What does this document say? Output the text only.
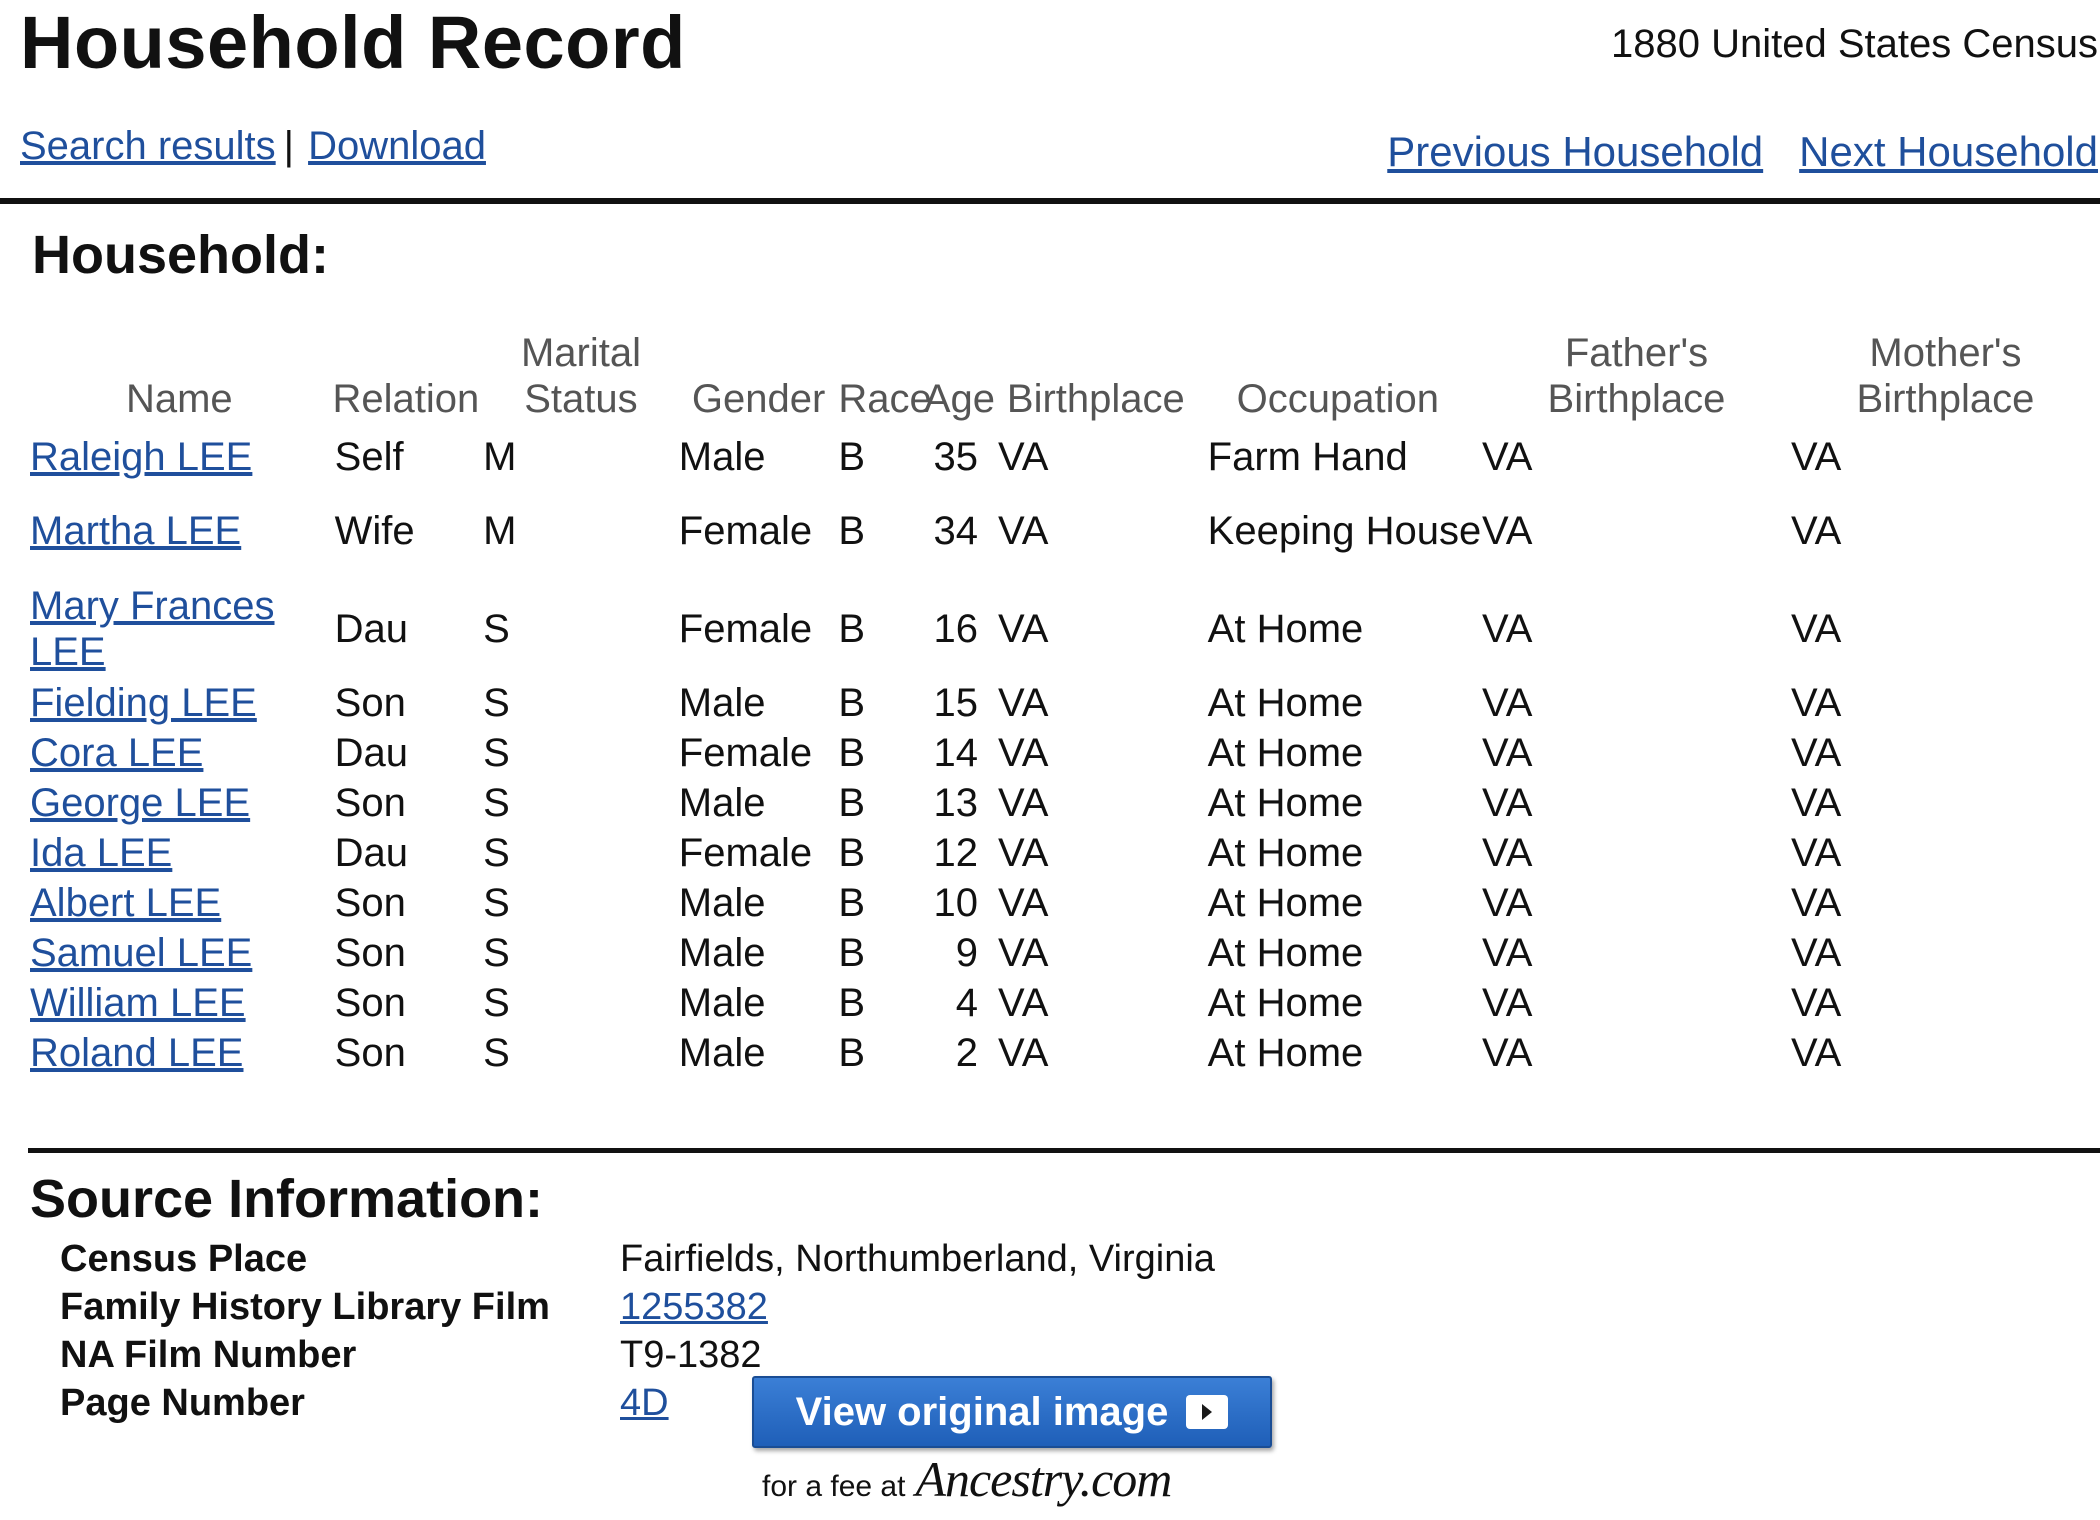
Household Record	1880 United States Census
Search results | Download	Previous Household Next Household
Household:
Name	Relation	Marital Status	Gender	Race	Age	Birthplace	Occupation	Father's Birthplace	Mother's Birthplace
Raleigh LEE	Self	M	Male	B	35	VA	Farm Hand	VA	VA
Martha LEE	Wife	M	Female	B	34	VA	Keeping House	VA	VA
Mary Frances LEE	Dau	S	Female	B	16	VA	At Home	VA	VA
Fielding LEE	Son	S	Male	B	15	VA	At Home	VA	VA
Cora LEE	Dau	S	Female	B	14	VA	At Home	VA	VA
George LEE	Son	S	Male	B	13	VA	At Home	VA	VA
Ida LEE	Dau	S	Female	B	12	VA	At Home	VA	VA
Albert LEE	Son	S	Male	B	10	VA	At Home	VA	VA
Samuel LEE	Son	S	Male	B	9	VA	At Home	VA	VA
William LEE	Son	S	Male	B	4	VA	At Home	VA	VA
Roland LEE	Son	S	Male	B	2	VA	At Home	VA	VA
Source Information:
Census Place	Fairfields, Northumberland, Virginia
Family History Library Film	1255382
NA Film Number	T9-1382
Page Number	4D	View original image
for a fee at Ancestry.com
